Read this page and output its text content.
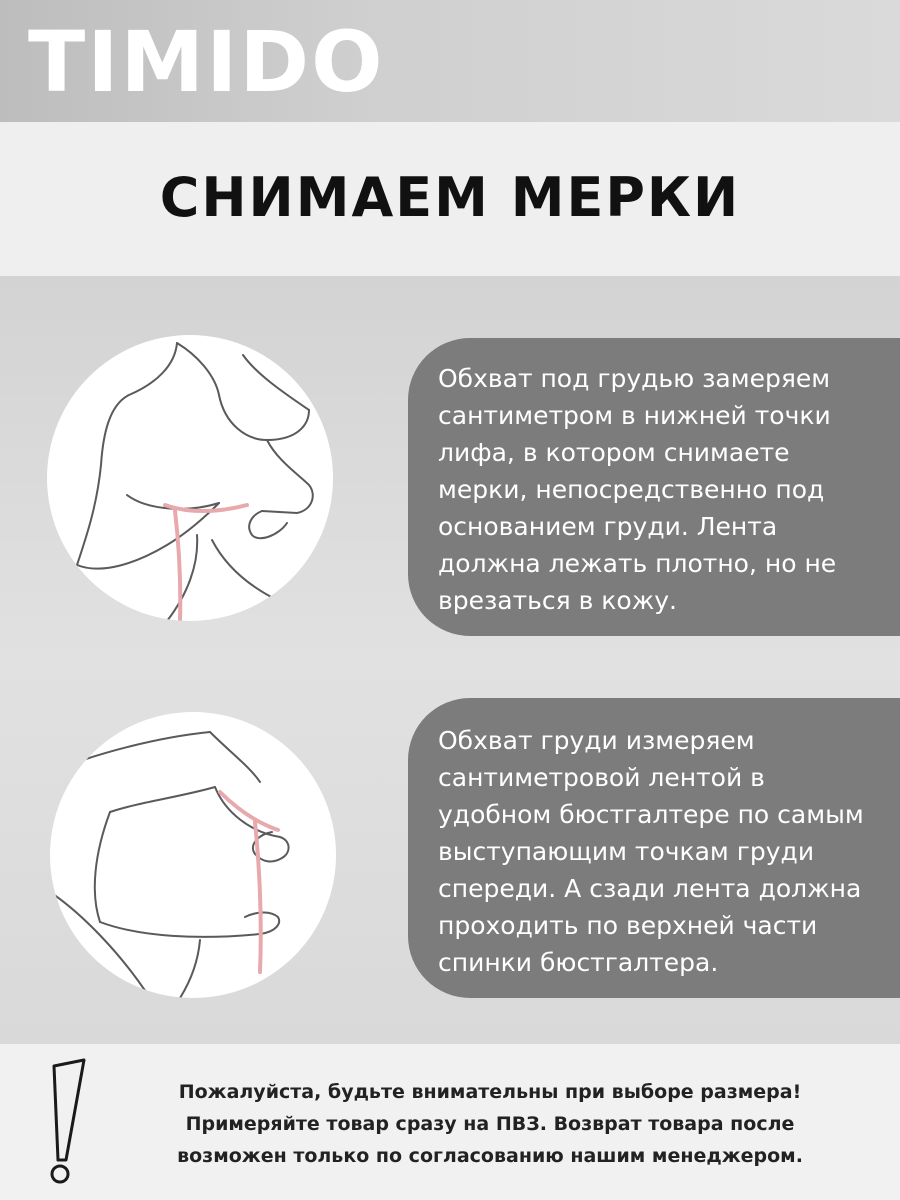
TIMIDO
СНИМАЕМ МЕРКИ

Обхват под грудью замеряем

сантиметром в нижней точки

лифа, в котором снимаете

мерки, непосредственно под

основанием груди. Лента

должна лежать плотно, но не

врезаться в кожу.

Обхват груди измеряем

сантиметровой лентой в

удобном бюстгалтере по самым

выступающим точкам груди

спереди. А сзади лента должна

проходить по верхней части

спинки бюстгалтера.

Пожалуйста, будьте внимательны при выборе размера!
Примеряйте товар сразу на ПВЗ. Возврат товара после
возможен только по согласованию нашим менеджером.
